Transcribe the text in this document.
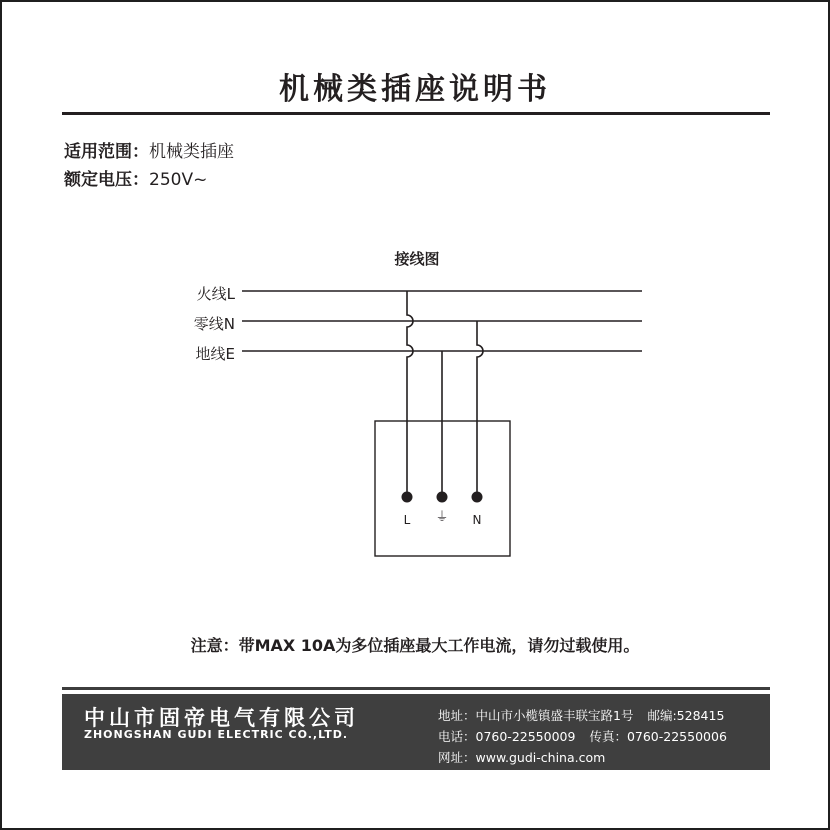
机械类插座说明书
适用范围：机械类插座
额定电压：250V~
接线图
火线L
零线N
地线E
L ⏚ N
注意：带MAX 10A为多位插座最大工作电流，请勿过载使用。
中山市固帝电气有限公司
ZHONGSHAN GUDI ELECTRIC CO.,LTD.
地址：中山市小榄镇盛丰联宝路1号 邮编:528415
电话：0760-22550009 传真：0760-22550006
网址：www.gudi-china.com
